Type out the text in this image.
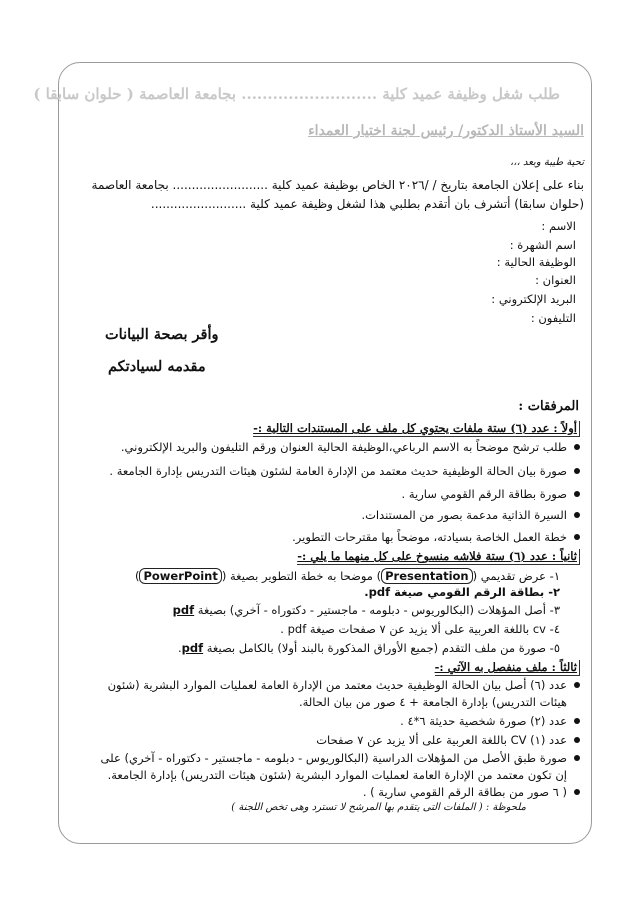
طلب شغل وظيفة عميد كلية .......................... بجامعة العاصمة ( حلوان سابقا )
السيد الأستاذ الدكتور/ رئيس لجنة اختيار العمداء
تحية طيبة وبعد ،،،
بناء على إعلان الجامعة بتاريخ / /٢٠٢٦ الخاص بوظيفة عميد كلية ......................... بجامعة العاصمة
(حلوان سابقا) أتشرف بان أتقدم بطلبي هذا لشغل وظيفة عميد كلية .........................
الاسم :
اسم الشهرة :
الوظيفة الحالية :
العنوان :
البريد الإلكتروني :
التليفون :
وأقر بصحة البيانات
مقدمه لسيادتكم
المرفقات :
أولاً : عدد (٦) ستة ملفات يحتوي كل ملف على المستندات التالية :-
طلب ترشح موضحاً به الاسم الرباعي،الوظيفة الحالية العنوان ورقم التليفون والبريد الإلكتروني.
صورة بيان الحالة الوظيفية حديث معتمد من الإدارة العامة لشئون هيئات التدريس بإدارة الجامعة .
صورة بطاقة الرقم القومي سارية .
السيرة الذاتية مدعمة بصور من المستندات.
خطة العمل الخاصة بسيادته، موضحاً بها مقترحات التطوير.
ثانياً : عدد (٦) ستة فلاشه منسوخ على كل منهما ما يلي :-
١- عرض تقديمي (Presentation) موضحا به خطة التطوير بصيغة (PowerPoint)
٢- بطاقة الرقم القومي صيغة pdf.
٣- أصل المؤهلات (البكالوريوس - دبلومه - ماجستير - دكتوراه - آخري) بصيغة pdf
٤- cv باللغة العربية على ألا يزيد عن ٧ صفحات صيغة pdf .
٥- صورة من ملف التقدم (جميع الأوراق المذكورة بالبند أولا) بالكامل بصيغة pdf.
ثالثاً : ملف منفصل به الآتي :-
عدد (٦) أصل بيان الحالة الوظيفية حديث معتمد من الإدارة العامة لعمليات الموارد البشرية (شئون
هيئات التدريس) بإدارة الجامعة + ٤ صور من بيان الحالة.
عدد (٢) صورة شخصية حديثة ٦*٤ .
عدد (١) CV باللغة العربية على ألا يزيد عن ٧ صفحات
صورة طبق الأصل من المؤهلات الدراسية (البكالوريوس - دبلومه - ماجستير - دكتوراه - آخري) على
إن تكون معتمد من الإدارة العامة لعمليات الموارد البشرية (شئون هيئات التدريس) بإدارة الجامعة.
( ٦ صور من بطاقة الرقم القومي سارية ) .
ملحوظة : ( الملفات التى يتقدم بها المرشح لا تسترد وهى تخص اللجنة )
